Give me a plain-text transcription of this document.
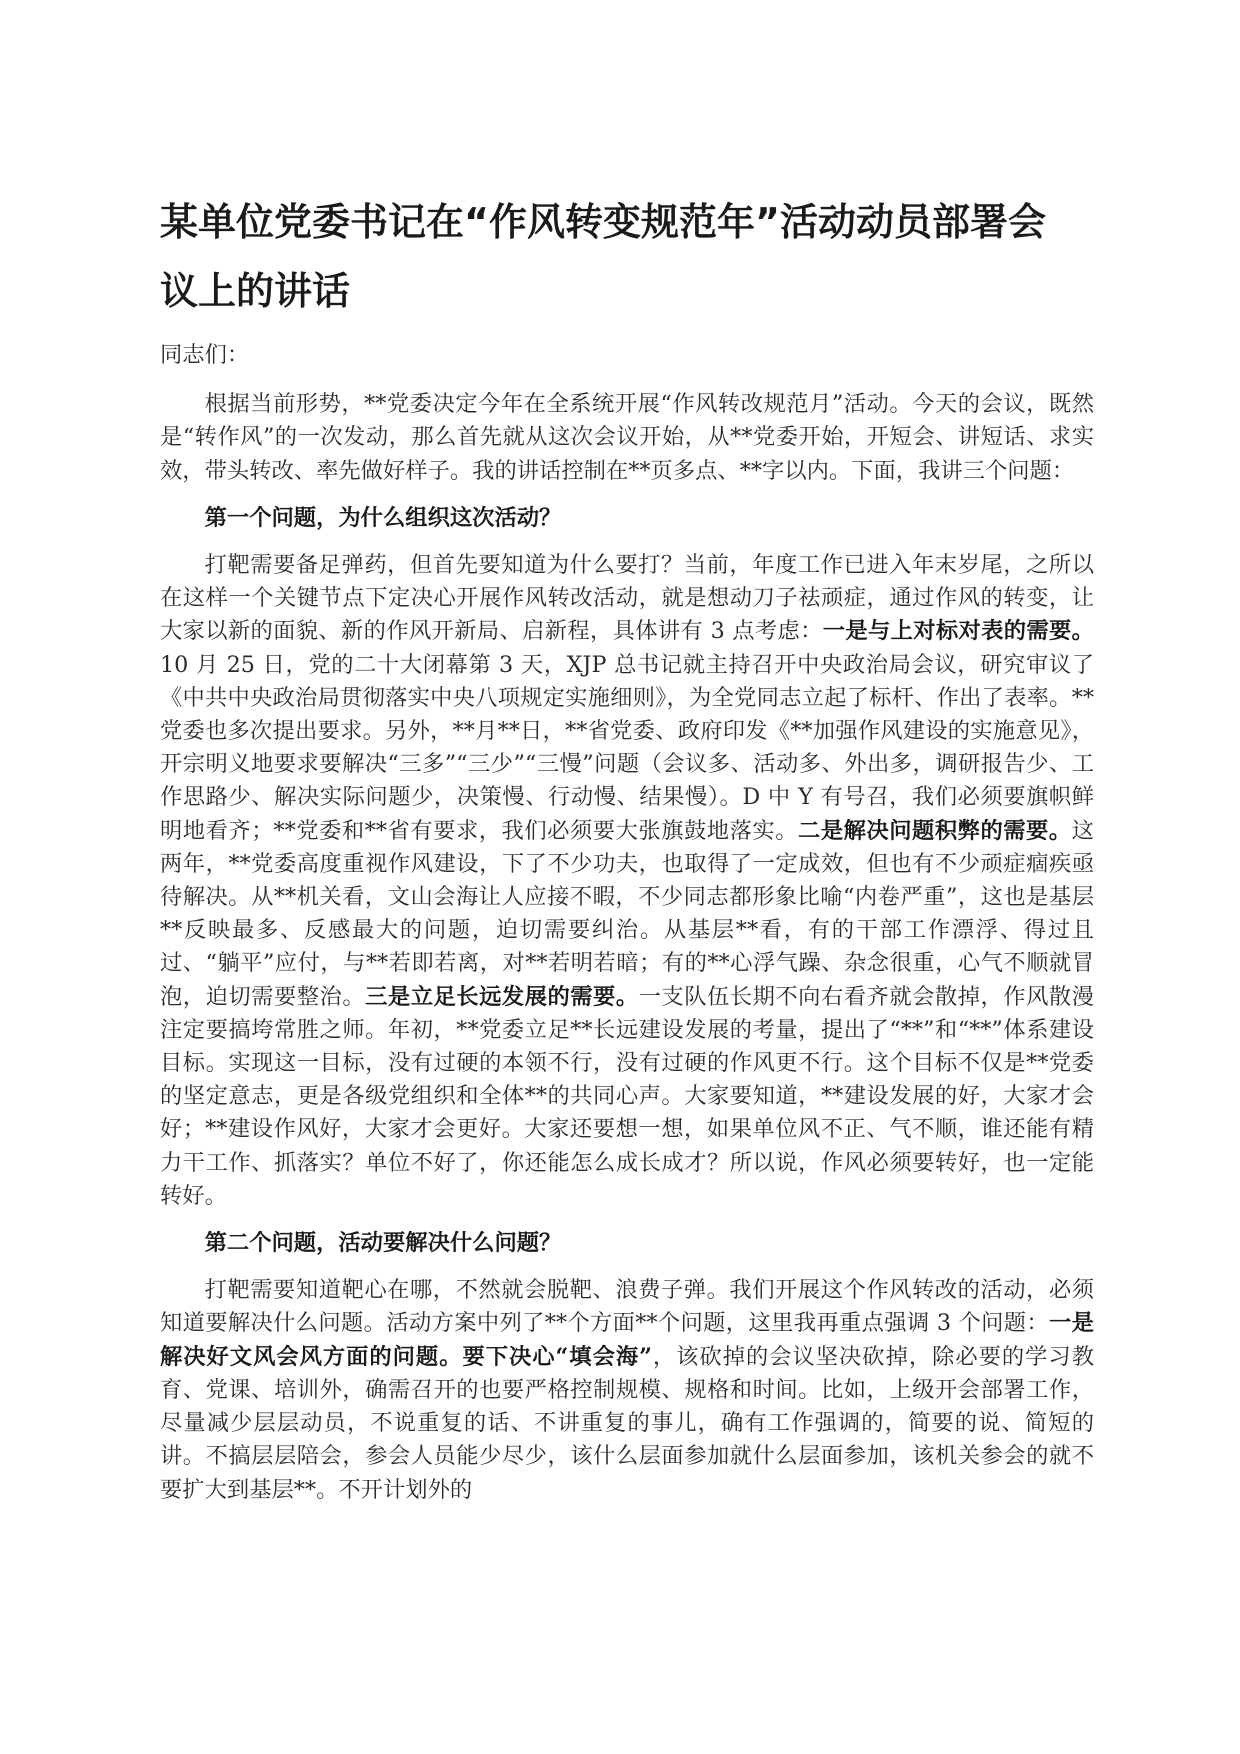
某单位党委书记在“作风转变规范年”活动动员部署会
议上的讲话

同志们：

根据当前形势，**党委决定今年在全系统开展“作风转改规范月”活动。今天的会议，既然是“转作风”的一次发动，那么首先就从这次会议开始，从**党委开始，开短会、讲短话、求实效，带头转改、率先做好样子。我的讲话控制在**页多点、**字以内。下面，我讲三个问题：

第一个问题，为什么组织这次活动？

打靶需要备足弹药，但首先要知道为什么要打？当前，年度工作已进入年末岁尾，之所以在这样一个关键节点下定决心开展作风转改活动，就是想动刀子祛顽症，通过作风的转变，让大家以新的面貌、新的作风开新局、启新程，具体讲有 3 点考虑：一是与上对标对表的需要。10 月 25 日，党的二十大闭幕第 3 天，XJP 总书记就主持召开中央政治局会议，研究审议了《中共中央政治局贯彻落实中央八项规定实施细则》，为全党同志立起了标杆、作出了表率。**党委也多次提出要求。另外，**月**日，**省党委、政府印发《**加强作风建设的实施意见》，开宗明义地要求要解决“三多”“三少”“三慢”问题（会议多、活动多、外出多，调研报告少、工作思路少、解决实际问题少，决策慢、行动慢、结果慢）。D 中 Y 有号召，我们必须要旗帜鲜明地看齐；**党委和**省有要求，我们必须要大张旗鼓地落实。二是解决问题积弊的需要。这两年，**党委高度重视作风建设，下了不少功夫，也取得了一定成效，但也有不少顽症痼疾亟待解决。从**机关看，文山会海让人应接不暇，不少同志都形象比喻“内卷严重”，这也是基层**反映最多、反感最大的问题，迫切需要纠治。从基层**看，有的干部工作漂浮、得过且过、“躺平”应付，与**若即若离，对**若明若暗；有的**心浮气躁、杂念很重，心气不顺就冒泡，迫切需要整治。三是立足长远发展的需要。一支队伍长期不向右看齐就会散掉，作风散漫注定要搞垮常胜之师。年初，**党委立足**长远建设发展的考量，提出了“**”和“**”体系建设目标。实现这一目标，没有过硬的本领不行，没有过硬的作风更不行。这个目标不仅是**党委的坚定意志，更是各级党组织和全体**的共同心声。大家要知道，**建设发展的好，大家才会好；**建设作风好，大家才会更好。大家还要想一想，如果单位风不正、气不顺，谁还能有精力干工作、抓落实？单位不好了，你还能怎么成长成才？所以说，作风必须要转好，也一定能转好。

第二个问题，活动要解决什么问题？

打靶需要知道靶心在哪，不然就会脱靶、浪费子弹。我们开展这个作风转改的活动，必须知道要解决什么问题。活动方案中列了**个方面**个问题，这里我再重点强调 3 个问题：一是解决好文风会风方面的问题。要下决心“填会海”，该砍掉的会议坚决砍掉，除必要的学习教育、党课、培训外，确需召开的也要严格控制规模、规格和时间。比如，上级开会部署工作，尽量减少层层动员，不说重复的话、不讲重复的事儿，确有工作强调的，简要的说、简短的讲。不搞层层陪会，参会人员能少尽少，该什么层面参加就什么层面参加，该机关参会的就不要扩大到基层**。不开计划外的
